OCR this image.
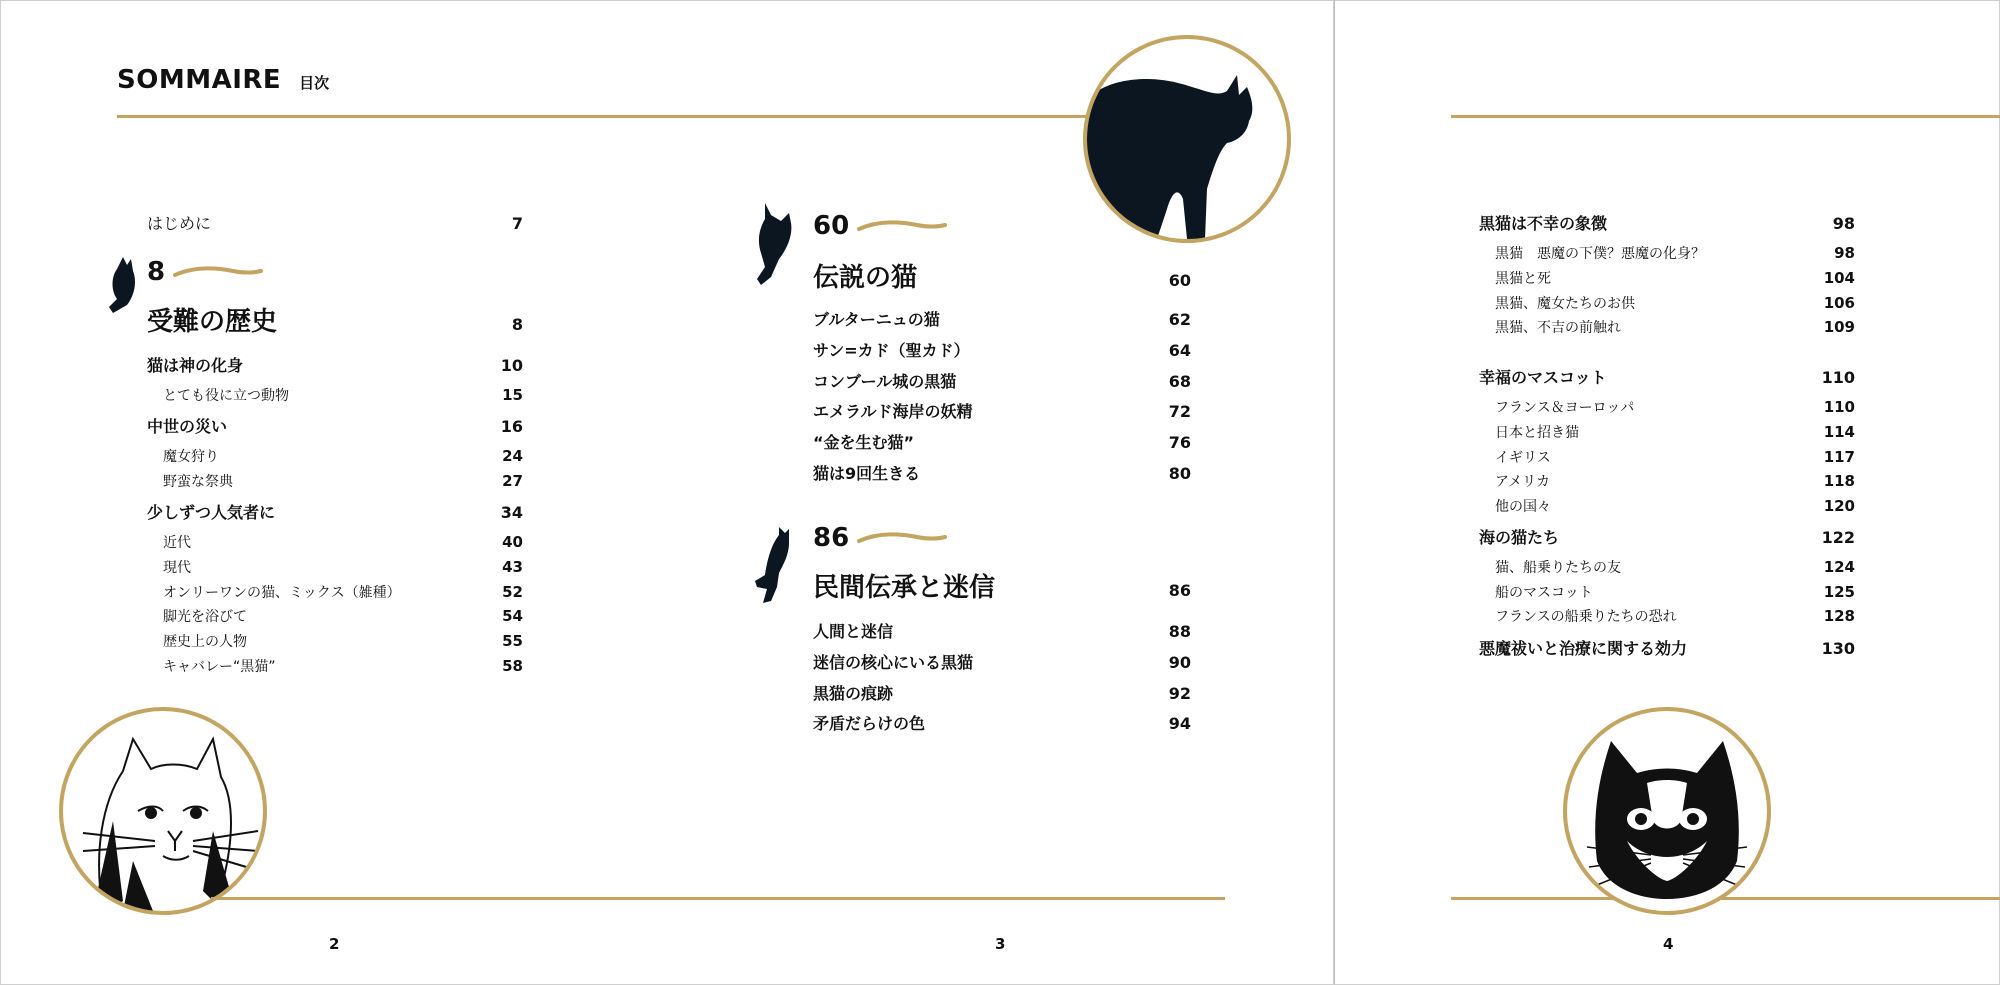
SOMMAIRE 目次
はじめに	7
8
受難の歴史	8
猫は神の化身	10
とても役に立つ動物	15
中世の災い	16
魔女狩り	24
野蛮な祭典	27
少しずつ人気者に	34
近代	40
現代	43
オンリーワンの猫、ミックス（雑種）	52
脚光を浴びて	54
歴史上の人物	55
キャバレー“黒猫”	58
60
伝説の猫	60
ブルターニュの猫	62
サン=カド（聖カド）	64
コンブール城の黒猫	68
エメラルド海岸の妖精	72
“金を生む猫”	76
猫は9回生きる	80
86
民間伝承と迷信	86
人間と迷信	88
迷信の核心にいる黒猫	90
黒猫の痕跡	92
矛盾だらけの色	94
2	3
黒猫は不幸の象徴	98
黒猫　悪魔の下僕？悪魔の化身？	98
黒猫と死	104
黒猫、魔女たちのお供	106
黒猫、不吉の前触れ	109
幸福のマスコット	110
フランス＆ヨーロッパ	110
日本と招き猫	114
イギリス	117
アメリカ	118
他の国々	120
海の猫たち	122
猫、船乗りたちの友	124
船のマスコット	125
フランスの船乗りたちの恐れ	128
悪魔祓いと治療に関する効力	130
4
